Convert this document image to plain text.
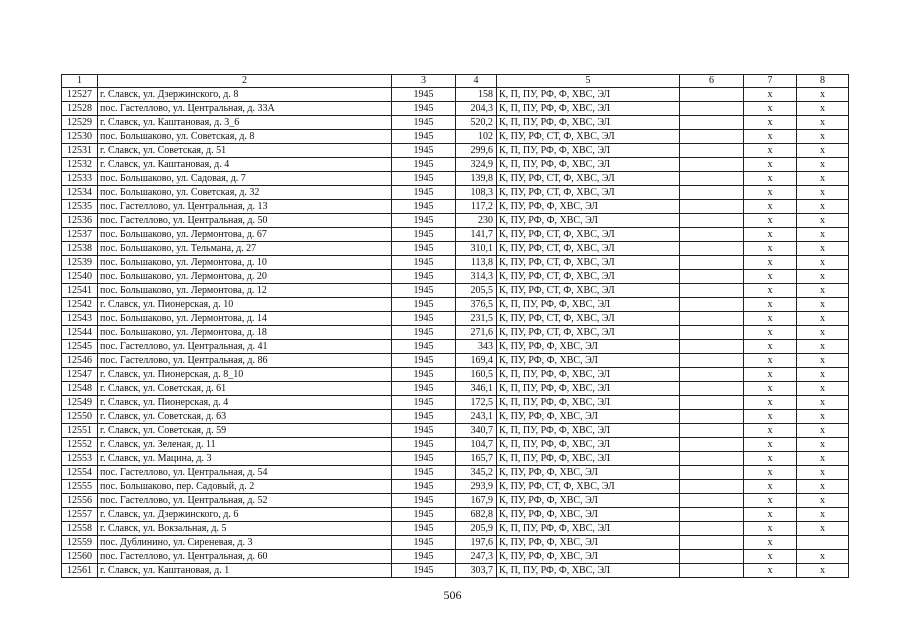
1	2	3	4	5	6	7	8
12527	г. Славск, ул. Дзержинского, д. 8	1945	158	К, П, ПУ, РФ, Ф, ХВС, ЭЛ		х	х
12528	пос. Гастеллово, ул. Центральная, д. 33А	1945	204,3	К, П, ПУ, РФ, Ф, ХВС, ЭЛ		х	х
12529	г. Славск, ул. Каштановая, д. 3_6	1945	520,2	К, П, ПУ, РФ, Ф, ХВС, ЭЛ		х	х
12530	пос. Большаково, ул. Советская, д. 8	1945	102	К, ПУ, РФ, СТ, Ф, ХВС, ЭЛ		х	х
12531	г. Славск, ул. Советская, д. 51	1945	299,6	К, П, ПУ, РФ, Ф, ХВС, ЭЛ		х	х
12532	г. Славск, ул. Каштановая, д. 4	1945	324,9	К, П, ПУ, РФ, Ф, ХВС, ЭЛ		х	х
12533	пос. Большаково, ул. Садовая, д. 7	1945	139,8	К, ПУ, РФ, СТ, Ф, ХВС, ЭЛ		х	х
12534	пос. Большаково, ул. Советская, д. 32	1945	108,3	К, ПУ, РФ, СТ, Ф, ХВС, ЭЛ		х	х
12535	пос. Гастеллово, ул. Центральная, д. 13	1945	117,2	К, ПУ, РФ, Ф, ХВС, ЭЛ		х	х
12536	пос. Гастеллово, ул. Центральная, д. 50	1945	230	К, ПУ, РФ, Ф, ХВС, ЭЛ		х	х
12537	пос. Большаково, ул. Лермонтова, д. 67	1945	141,7	К, ПУ, РФ, СТ, Ф, ХВС, ЭЛ		х	х
12538	пос. Большаково, ул. Тельмана, д. 27	1945	310,1	К, ПУ, РФ, СТ, Ф, ХВС, ЭЛ		х	х
12539	пос. Большаково, ул. Лермонтова, д. 10	1945	113,8	К, ПУ, РФ, СТ, Ф, ХВС, ЭЛ		х	х
12540	пос. Большаково, ул. Лермонтова, д. 20	1945	314,3	К, ПУ, РФ, СТ, Ф, ХВС, ЭЛ		х	х
12541	пос. Большаково, ул. Лермонтова, д. 12	1945	205,5	К, ПУ, РФ, СТ, Ф, ХВС, ЭЛ		х	х
12542	г. Славск, ул. Пионерская, д. 10	1945	376,5	К, П, ПУ, РФ, Ф, ХВС, ЭЛ		х	х
12543	пос. Большаково, ул. Лермонтова, д. 14	1945	231,5	К, ПУ, РФ, СТ, Ф, ХВС, ЭЛ		х	х
12544	пос. Большаково, ул. Лермонтова, д. 18	1945	271,6	К, ПУ, РФ, СТ, Ф, ХВС, ЭЛ		х	х
12545	пос. Гастеллово, ул. Центральная, д. 41	1945	343	К, ПУ, РФ, Ф, ХВС, ЭЛ		х	х
12546	пос. Гастеллово, ул. Центральная, д. 86	1945	169,4	К, ПУ, РФ, Ф, ХВС, ЭЛ		х	х
12547	г. Славск, ул. Пионерская, д. 8_10	1945	160,5	К, П, ПУ, РФ, Ф, ХВС, ЭЛ		х	х
12548	г. Славск, ул. Советская, д. 61	1945	346,1	К, П, ПУ, РФ, Ф, ХВС, ЭЛ		х	х
12549	г. Славск, ул. Пионерская, д. 4	1945	172,5	К, П, ПУ, РФ, Ф, ХВС, ЭЛ		х	х
12550	г. Славск, ул. Советская, д. 63	1945	243,1	К, ПУ, РФ, Ф, ХВС, ЭЛ		х	х
12551	г. Славск, ул. Советская, д. 59	1945	340,7	К, П, ПУ, РФ, Ф, ХВС, ЭЛ		х	х
12552	г. Славск, ул. Зеленая, д. 11	1945	104,7	К, П, ПУ, РФ, Ф, ХВС, ЭЛ		х	х
12553	г. Славск, ул. Мацина, д. 3	1945	165,7	К, П, ПУ, РФ, Ф, ХВС, ЭЛ		х	х
12554	пос. Гастеллово, ул. Центральная, д. 54	1945	345,2	К, ПУ, РФ, Ф, ХВС, ЭЛ		х	х
12555	пос. Большаково, пер. Садовый, д. 2	1945	293,9	К, ПУ, РФ, СТ, Ф, ХВС, ЭЛ		х	х
12556	пос. Гастеллово, ул. Центральная, д. 52	1945	167,9	К, ПУ, РФ, Ф, ХВС, ЭЛ		х	х
12557	г. Славск, ул. Дзержинского, д. 6	1945	682,8	К, ПУ, РФ, Ф, ХВС, ЭЛ		х	х
12558	г. Славск, ул. Вокзальная, д. 5	1945	205,9	К, П, ПУ, РФ, Ф, ХВС, ЭЛ		х	х
12559	пос. Дублинино, ул. Сиреневая, д. 3	1945	197,6	К, ПУ, РФ, Ф, ХВС, ЭЛ		х	
12560	пос. Гастеллово, ул. Центральная, д. 60	1945	247,3	К, ПУ, РФ, Ф, ХВС, ЭЛ		х	х
12561	г. Славск, ул. Каштановая, д. 1	1945	303,7	К, П, ПУ, РФ, Ф, ХВС, ЭЛ		х	х
506
